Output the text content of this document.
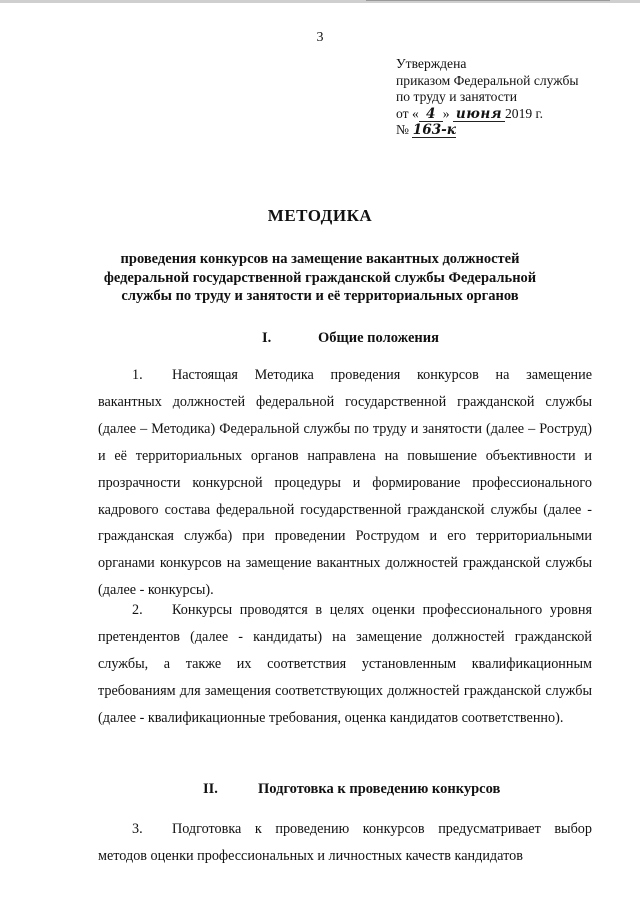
3
Утверждена
приказом Федеральной службы
по труду и занятости
от « 4 » июня 2019 г.
№ 163-к
МЕТОДИКА
проведения конкурсов на замещение вакантных должностей
федеральной государственной гражданской службы Федеральной
службы по труду и занятости и её территориальных органов
I.	Общие положения
1. Настоящая Методика проведения конкурсов на замещение вакантных должностей федеральной государственной гражданской службы (далее – Методика) Федеральной службы по труду и занятости (далее – Роструд) и её территориальных органов направлена на повышение объективности и прозрачности конкурсной процедуры и формирование профессионального кадрового состава федеральной государственной гражданской службы (далее - гражданская служба) при проведении Рострудом и его территориальными органами конкурсов на замещение вакантных должностей гражданской службы (далее - конкурсы).
2. Конкурсы проводятся в целях оценки профессионального уровня претендентов (далее - кандидаты) на замещение должностей гражданской службы, а также их соответствия установленным квалификационным требованиям для замещения соответствующих должностей гражданской службы (далее - квалификационные требования, оценка кандидатов соответственно).
II.	Подготовка к проведению конкурсов
3. Подготовка к проведению конкурсов предусматривает выбор методов оценки профессиональных и личностных качеств кандидатов
